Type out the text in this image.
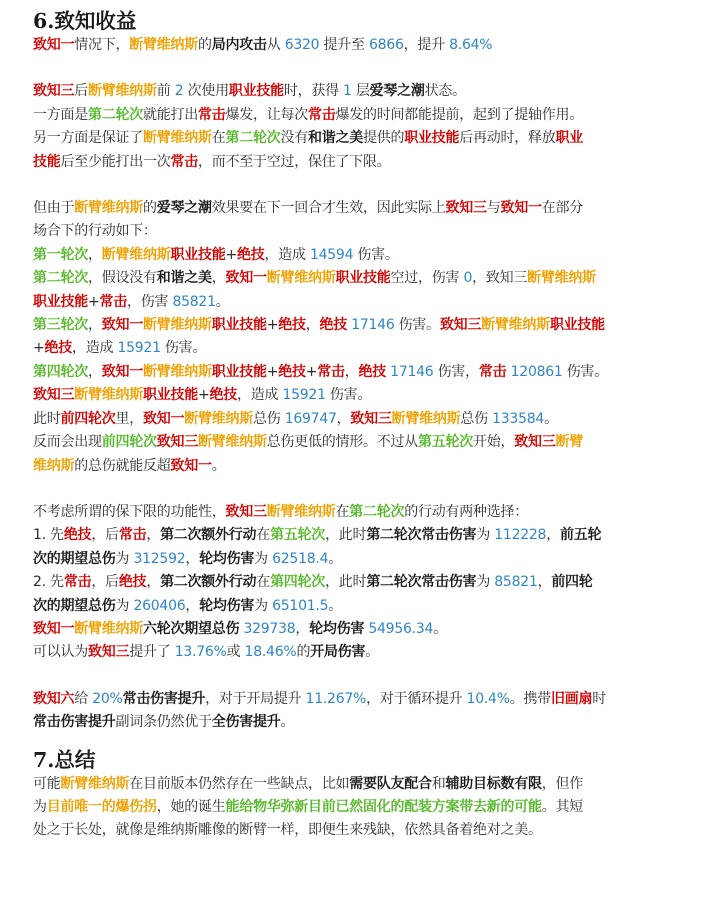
6.致知收益

致知一情况下，断臂维纳斯的局内攻击从 6320 提升至 6866，提升 8.64%

致知三后断臂维纳斯前 2 次使用职业技能时，获得 1 层爱琴之潮状态。

一方面是第二轮次就能打出常击爆发，让每次常击爆发的时间都能提前，起到了提轴作用。

另一方面是保证了断臂维纳斯在第二轮次没有和谐之美提供的职业技能后再动时，释放职业

技能后至少能打出一次常击，而不至于空过，保住了下限。

但由于断臂维纳斯的爱琴之潮效果要在下一回合才生效，因此实际上致知三与致知一在部分

场合下的行动如下：

第一轮次，断臂维纳斯职业技能+绝技，造成 14594 伤害。

第二轮次，假设没有和谐之美，致知一断臂维纳斯职业技能空过，伤害 0，致知三断臂维纳斯

职业技能+常击，伤害 85821。

第三轮次，致知一断臂维纳斯职业技能+绝技，绝技 17146 伤害。致知三断臂维纳斯职业技能

+绝技，造成 15921 伤害。

第四轮次，致知一断臂维纳斯职业技能+绝技+常击，绝技 17146 伤害，常击 120861 伤害。

致知三断臂维纳斯职业技能+绝技，造成 15921 伤害。

此时前四轮次里，致知一断臂维纳斯总伤 169747，致知三断臂维纳斯总伤 133584。

反而会出现前四轮次致知三断臂维纳斯总伤更低的情形。不过从第五轮次开始，致知三断臂

维纳斯的总伤就能反超致知一。

不考虑所谓的保下限的功能性，致知三断臂维纳斯在第二轮次的行动有两种选择：

1. 先绝技，后常击，第二次额外行动在第五轮次，此时第二轮次常击伤害为 112228，前五轮

次的期望总伤为 312592，轮均伤害为 62518.4。

2. 先常击，后绝技，第二次额外行动在第四轮次，此时第二轮次常击伤害为 85821，前四轮

次的期望总伤为 260406，轮均伤害为 65101.5。

致知一断臂维纳斯六轮次期望总伤 329738，轮均伤害 54956.34。

可以认为致知三提升了 13.76%或 18.46%的开局伤害。

致知六给 20%常击伤害提升，对于开局提升 11.267%，对于循环提升 10.4%。携带旧画扇时

常击伤害提升副词条仍然优于全伤害提升。

7.总结

可能断臂维纳斯在目前版本仍然存在一些缺点，比如需要队友配合和辅助目标数有限，但作

为目前唯一的爆伤拐，她的诞生能给物华弥新目前已然固化的配装方案带去新的可能。其短

处之于长处，就像是维纳斯雕像的断臂一样，即便生来残缺，依然具备着绝对之美。
